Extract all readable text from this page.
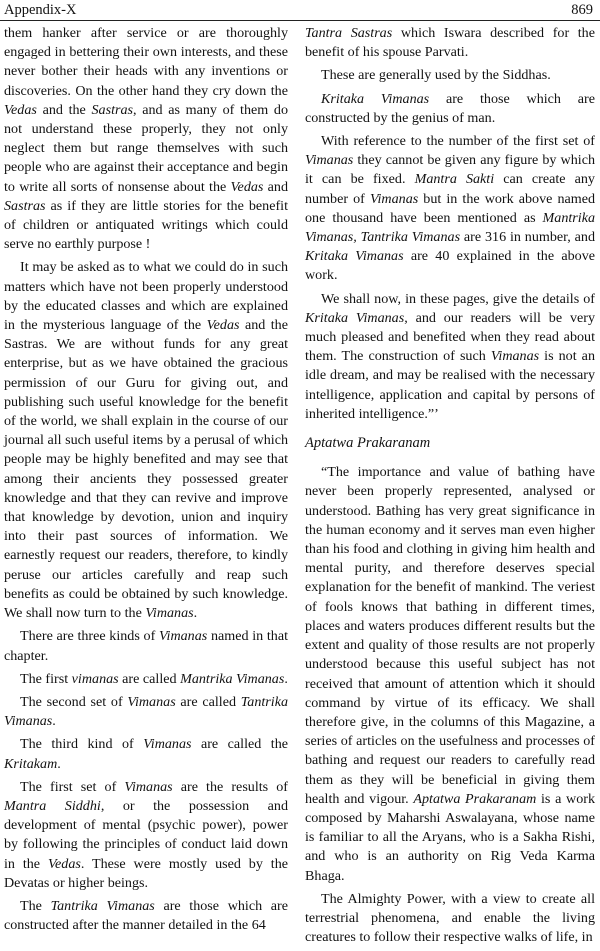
Appendix-X	869

them hanker after service or are thoroughly engaged in bettering their own interests, and these never bother their heads with any inventions or discoveries. On the other hand they cry down the Vedas and the Sastras, and as many of them do not understand these properly, they not only neglect them but range themselves with such people who are against their acceptance and begin to write all sorts of nonsense about the Vedas and Sastras as if they are little stories for the benefit of children or antiquated writings which could serve no earthly purpose !

It may be asked as to what we could do in such matters which have not been properly understood by the educated classes and which are explained in the mysterious language of the Vedas and the Sastras. We are without funds for any great enterprise, but as we have obtained the gracious permission of our Guru for giving out, and publishing such useful knowledge for the benefit of the world, we shall explain in the course of our journal all such useful items by a perusal of which people may be highly benefited and may see that among their ancients they possessed greater knowledge and that they can revive and improve that knowledge by devotion, union and inquiry into their past sources of information. We earnestly request our readers, therefore, to kindly peruse our articles carefully and reap such benefits as could be obtained by such knowledge. We shall now turn to the Vimanas.

There are three kinds of Vimanas named in that chapter.

The first vimanas are called Mantrika Vimanas.

The second set of Vimanas are called Tantrika Vimanas.

The third kind of Vimanas are called the Kritakam.

The first set of Vimanas are the results of Mantra Siddhi, or the possession and development of mental (psychic power), power by following the principles of conduct laid down in the Vedas. These were mostly used by the Devatas or higher beings.

The Tantrika Vimanas are those which are constructed after the manner detailed in the 64

Tantra Sastras which Iswara described for the benefit of his spouse Parvati.

These are generally used by the Siddhas.

Kritaka Vimanas are those which are constructed by the genius of man.

With reference to the number of the first set of Vimanas they cannot be given any figure by which it can be fixed. Mantra Sakti can create any number of Vimanas but in the work above named one thousand have been mentioned as Mantrika Vimanas, Tantrika Vimanas are 316 in number, and Kritaka Vimanas are 40 explained in the above work.

We shall now, in these pages, give the details of Kritaka Vimanas, and our readers will be very much pleased and benefited when they read about them. The construction of such Vimanas is not an idle dream, and may be realised with the necessary intelligence, application and capital by persons of inherited intelligence.”’

Aptatwa Prakaranam

“The importance and value of bathing have never been properly represented, analysed or understood. Bathing has very great significance in the human economy and it serves man even higher than his food and clothing in giving him health and mental purity, and therefore deserves special explanation for the benefit of mankind. The veriest of fools knows that bathing in different times, places and waters produces different results but the extent and quality of those results are not properly understood because this useful subject has not received that amount of attention which it should command by virtue of its efficacy. We shall therefore give, in the columns of this Magazine, a series of articles on the usefulness and processes of bathing and request our readers to carefully read them as they will be beneficial in giving them health and vigour. Aptatwa Prakaranam is a work composed by Maharshi Aswalayana, whose name is familiar to all the Aryans, who is a Sakha Rishi, and who is an authority on Rig Veda Karma Bhaga.

The Almighty Power, with a view to create all terrestrial phenomena, and enable the living creatures to follow their respective walks of life, in
